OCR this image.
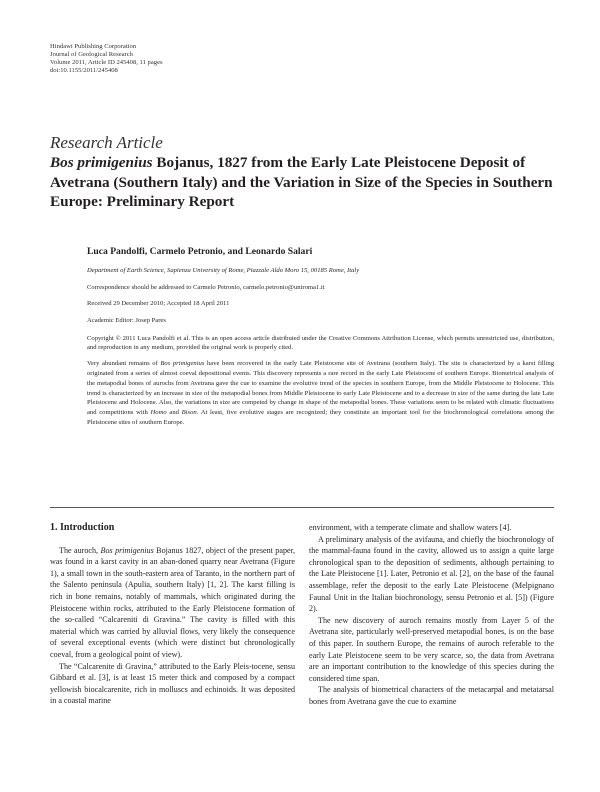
Hindawi Publishing Corporation
Journal of Geological Research
Volume 2011, Article ID 245408, 11 pages
doi:10.1155/2011/245408
Research Article
Bos primigenius Bojanus, 1827 from the Early Late Pleistocene Deposit of Avetrana (Southern Italy) and the Variation in Size of the Species in Southern Europe: Preliminary Report
Luca Pandolfi, Carmelo Petronio, and Leonardo Salari
Department of Earth Science, Sapienza University of Rome, Piazzale Aldo Moro 15, 00185 Rome, Italy
Correspondence should be addressed to Carmelo Petronio, carmelo.petronio@uniroma1.it
Received 29 December 2010; Accepted 18 April 2011
Academic Editor: Josep Pares
Copyright © 2011 Luca Pandolfi et al. This is an open access article distributed under the Creative Commons Attribution License, which permits unrestricted use, distribution, and reproduction in any medium, provided the original work is properly cited.
Very abundant remains of Bos primigenius have been recovered in the early Late Pleistocene site of Avetrana (southern Italy). The site is characterized by a karst filling originated from a series of almost coeval depositional events. This discovery represents a rare record in the early Late Pleistocene of southern Europe. Biometrical analysis of the metapodial bones of aurochs from Avetrana gave the cue to examine the evolutive trend of the species in southern Europe, from the Middle Pleistocene to Holocene. This trend is characterized by an increase in size of the metapodial bones from Middle Pleistocene to early Late Pleistocene and to a decrease in size of the same during the late Late Pleistocene and Holocene. Also, the variations in size are competed by change in shape of the metapodial bones. These variations seem to be related with climatic fluctuations and competitions with Homo and Bison. At least, five evolutive stages are recognized; they constitute an important tool for the biochronological correlations among the Pleistocene sites of southern Europe.
1. Introduction

The auroch, Bos primigenius Bojanus 1827, object of the present paper, was found in a karst cavity in an aban-doned quarry near Avetrana (Figure 1), a small town in the south-eastern area of Taranto, in the northern part of the Salento peninsula (Apulia, southern Italy) [1, 2]. The karst filling is rich in bone remains, notably of mammals, which originated during the Pleistocene within rocks, attributed to the Early Pleistocene formation of the so-called “Calcareniti di Gravina.” The cavity is filled with this material which was carried by alluvial flows, very likely the consequence of several exceptional events (which were distinct but chronologically coeval, from a geological point of view).

The “Calcarenite di Gravina,” attributed to the Early Pleis-tocene, sensu Gibbard et al. [3], is at least 15 meter thick and composed by a compact yellowish biocalcarenite, rich in molluscs and echinoids. It was deposited in a coastal marine

environment, with a temperate climate and shallow waters [4].

A preliminary analysis of the avifauna, and chiefly the biochronology of the mammal-fauna found in the cavity, allowed us to assign a quite large chronological span to the deposition of sediments, although pertaining to the Late Pleistocene [1]. Later, Petronio et al. [2], on the base of the faunal assemblage, refer the deposit to the early Late Pleistocene (Melpignano Faunal Unit in the Italian biochronology, sensu Petronio et al. [5]) (Figure 2).

The new discovery of auroch remains mostly from Layer 5 of the Avetrana site, particularly well-preserved metapodial bones, is on the base of this paper. In southern Europe, the remains of auroch referable to the early Late Pleistocene seem to be very scarce, so, the data from Avetrana are an important contribution to the knowledge of this species during the considered time span.

The analysis of biometrical characters of the metacarpal and metatarsal bones from Avetrana gave the cue to examine
